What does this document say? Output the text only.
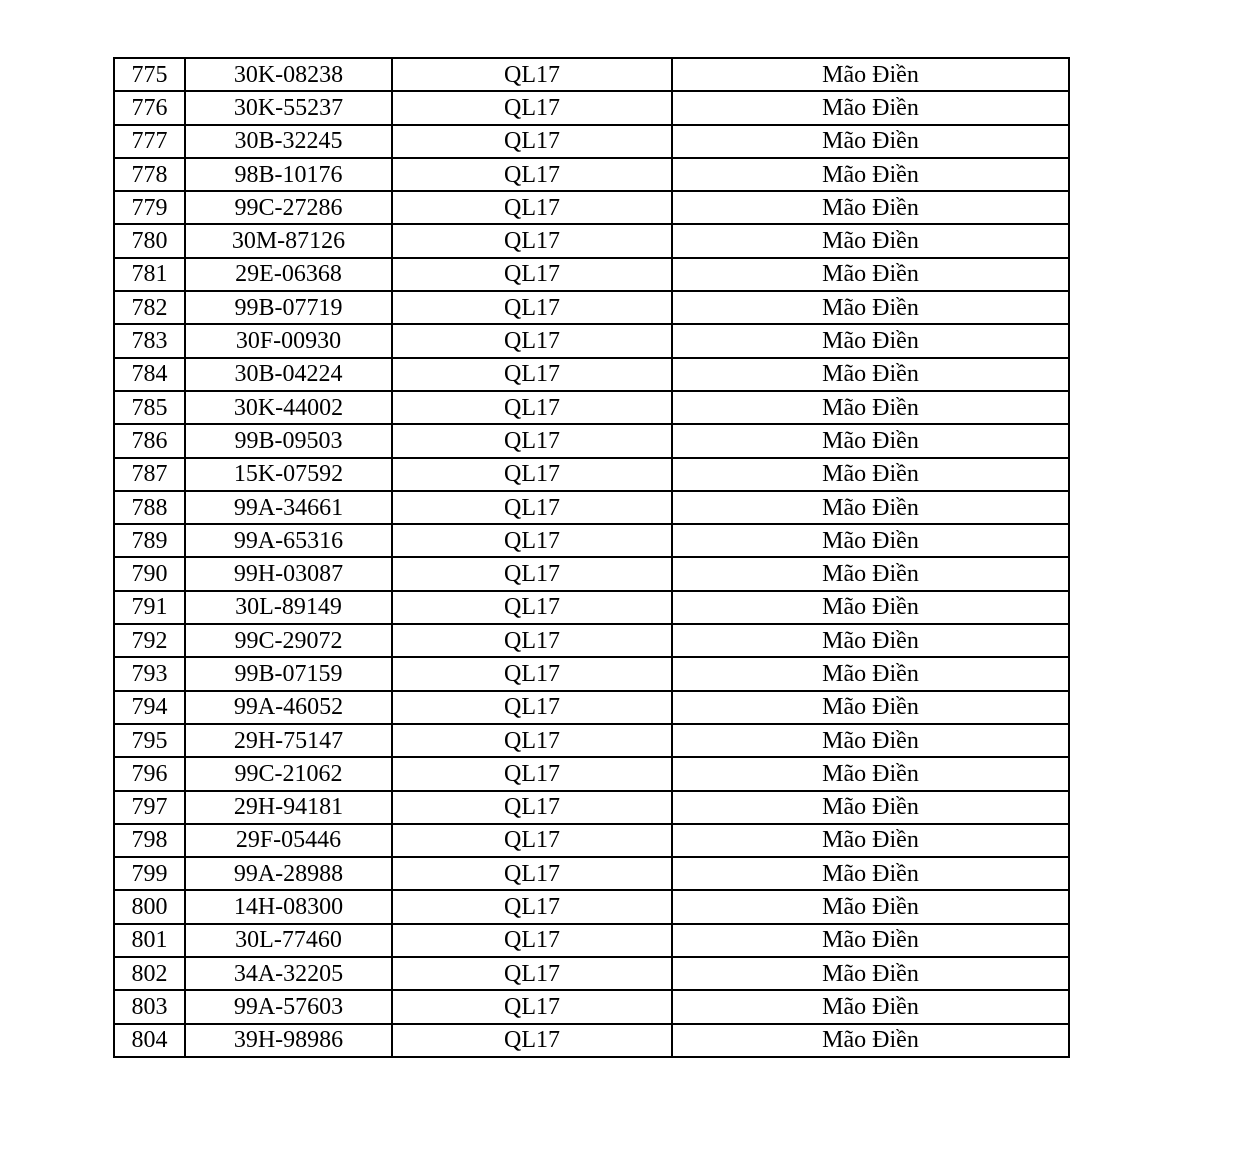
775	30K-08238	QL17	Mão Điền
776	30K-55237	QL17	Mão Điền
777	30B-32245	QL17	Mão Điền
778	98B-10176	QL17	Mão Điền
779	99C-27286	QL17	Mão Điền
780	30M-87126	QL17	Mão Điền
781	29E-06368	QL17	Mão Điền
782	99B-07719	QL17	Mão Điền
783	30F-00930	QL17	Mão Điền
784	30B-04224	QL17	Mão Điền
785	30K-44002	QL17	Mão Điền
786	99B-09503	QL17	Mão Điền
787	15K-07592	QL17	Mão Điền
788	99A-34661	QL17	Mão Điền
789	99A-65316	QL17	Mão Điền
790	99H-03087	QL17	Mão Điền
791	30L-89149	QL17	Mão Điền
792	99C-29072	QL17	Mão Điền
793	99B-07159	QL17	Mão Điền
794	99A-46052	QL17	Mão Điền
795	29H-75147	QL17	Mão Điền
796	99C-21062	QL17	Mão Điền
797	29H-94181	QL17	Mão Điền
798	29F-05446	QL17	Mão Điền
799	99A-28988	QL17	Mão Điền
800	14H-08300	QL17	Mão Điền
801	30L-77460	QL17	Mão Điền
802	34A-32205	QL17	Mão Điền
803	99A-57603	QL17	Mão Điền
804	39H-98986	QL17	Mão Điền
